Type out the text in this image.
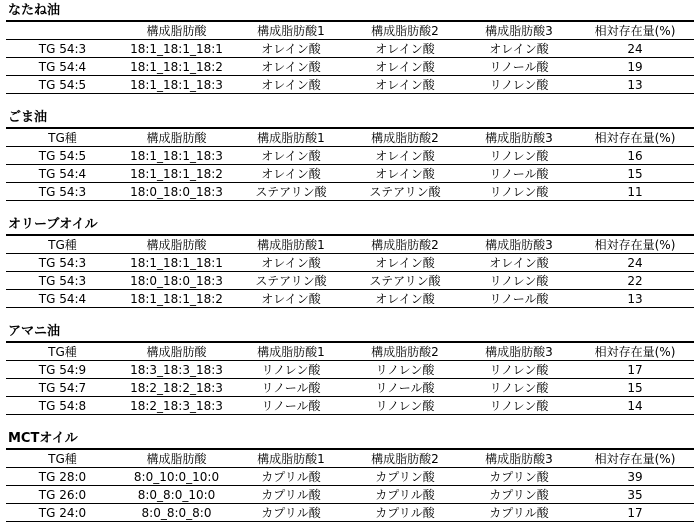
なたね油
	構成脂肪酸	構成脂肪酸1	構成脂肪酸2	構成脂肪酸3	相対存在量(%)
TG 54:3	18:1_18:1_18:1	オレイン酸	オレイン酸	オレイン酸	24
TG 54:4	18:1_18:1_18:2	オレイン酸	オレイン酸	リノール酸	19
TG 54:5	18:1_18:1_18:3	オレイン酸	オレイン酸	リノレン酸	13
ごま油
TG種	構成脂肪酸	構成脂肪酸1	構成脂肪酸2	構成脂肪酸3	相対存在量(%)
TG 54:5	18:1_18:1_18:3	オレイン酸	オレイン酸	リノレン酸	16
TG 54:4	18:1_18:1_18:2	オレイン酸	オレイン酸	リノール酸	15
TG 54:3	18:0_18:0_18:3	ステアリン酸	ステアリン酸	リノレン酸	11
オリーブオイル
TG種	構成脂肪酸	構成脂肪酸1	構成脂肪酸2	構成脂肪酸3	相対存在量(%)
TG 54:3	18:1_18:1_18:1	オレイン酸	オレイン酸	オレイン酸	24
TG 54:3	18:0_18:0_18:3	ステアリン酸	ステアリン酸	リノレン酸	22
TG 54:4	18:1_18:1_18:2	オレイン酸	オレイン酸	リノール酸	13
アマニ油
TG種	構成脂肪酸	構成脂肪酸1	構成脂肪酸2	構成脂肪酸3	相対存在量(%)
TG 54:9	18:3_18:3_18:3	リノレン酸	リノレン酸	リノレン酸	17
TG 54:7	18:2_18:2_18:3	リノール酸	リノール酸	リノレン酸	15
TG 54:8	18:2_18:3_18:3	リノール酸	リノレン酸	リノレン酸	14
MCTオイル
TG種	構成脂肪酸	構成脂肪酸1	構成脂肪酸2	構成脂肪酸3	相対存在量(%)
TG 28:0	8:0_10:0_10:0	カプリル酸	カプリン酸	カプリン酸	39
TG 26:0	8:0_8:0_10:0	カプリル酸	カプリル酸	カプリン酸	35
TG 24:0	8:0_8:0_8:0	カプリル酸	カプリル酸	カプリル酸	17
